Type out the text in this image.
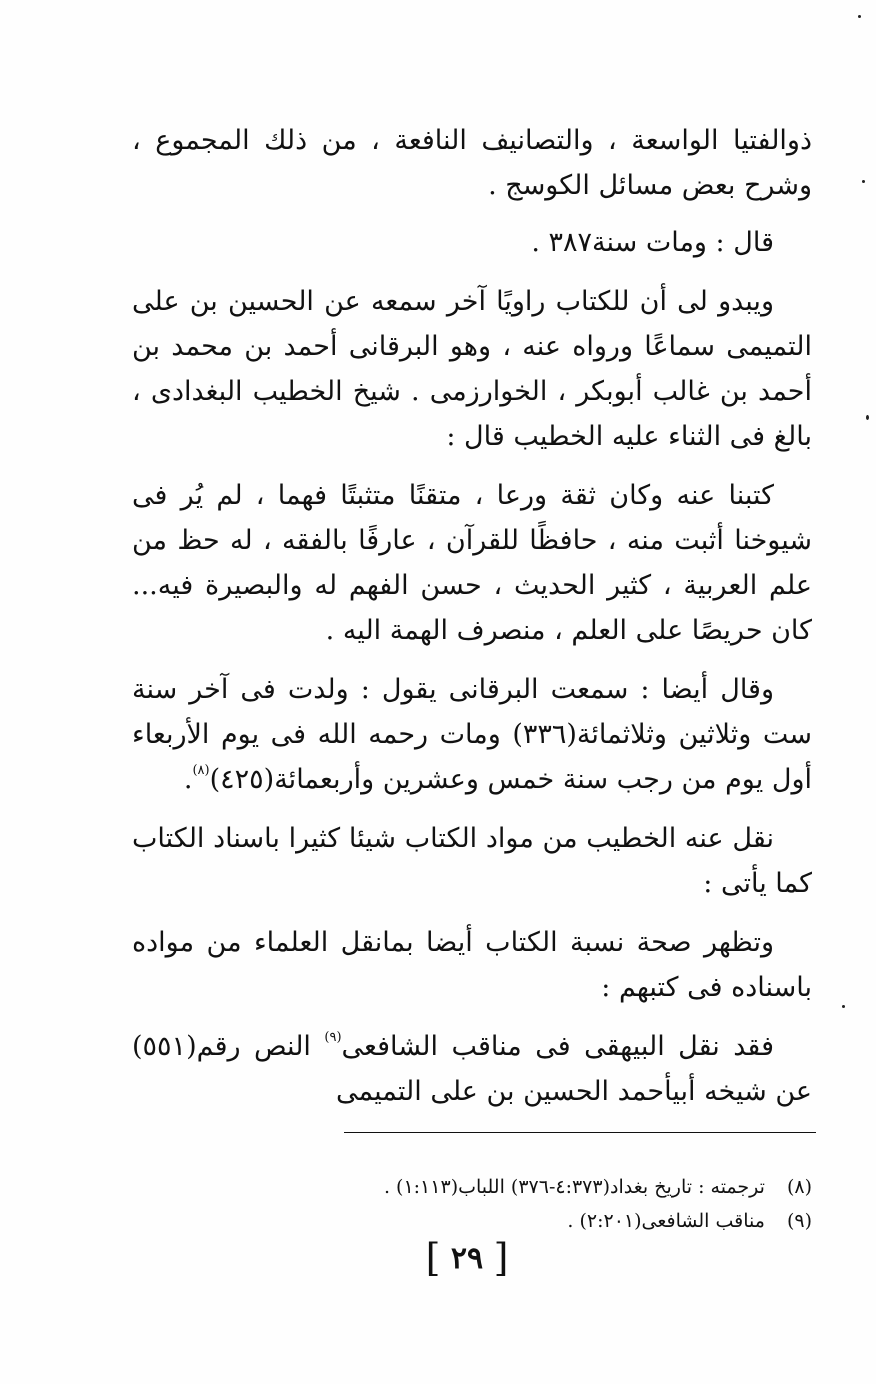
ذوالفتيا الواسعة ، والتصانيف النافعة ، من ذلك المجموع ، وشرح بعض مسائل الكوسج .

قال : ومات سنة٣٨٧ .

ويبدو لى أن للكتاب راويًا آخر سمعه عن الحسين بن على التميمى سماعًا ورواه عنه ، وهو البرقانى أحمد بن محمد بن أحمد بن غالب أبوبكر ، الخوارزمى . شيخ الخطيب البغدادى ، بالغ فى الثناء عليه الخطيب قال :

كتبنا عنه وكان ثقة ورعا ، متقنًا متثبتًا فهما ، لم يُر فى شيوخنا أثبت منه ، حافظًا للقرآن ، عارفًا بالفقه ، له حظ من علم العربية ، كثير الحديث ، حسن الفهم له والبصيرة فيه... كان حريصًا على العلم ، منصرف الهمة اليه .

وقال أيضا : سمعت البرقانى يقول : ولدت فى آخر سنة ست وثلاثين وثلاثمائة(٣٣٦) ومات رحمه الله فى يوم الأربعاء أول يوم من رجب سنة خمس وعشرين وأربعمائة(٤٢٥)$^{(٨)}$.

نقل عنه الخطيب من مواد الكتاب شيئا كثيرا باسناد الكتاب كما يأتى :

وتظهر صحة نسبة الكتاب أيضا بمانقل العلماء من مواده باسناده فى كتبهم :

فقد نقل البيهقى فى مناقب الشافعى$^{(٩)}$ النص رقم(٥٥١) عن شيخه أبيأحمد الحسين بن على التميمى

(٨)ترجمته : تاريخ بغداد(٤:٣٧٣-٣٧٦) اللباب(١:١١٣) .
(٩)مناقب الشافعى(٢:٢٠١) .
[ ٢٩ ]
